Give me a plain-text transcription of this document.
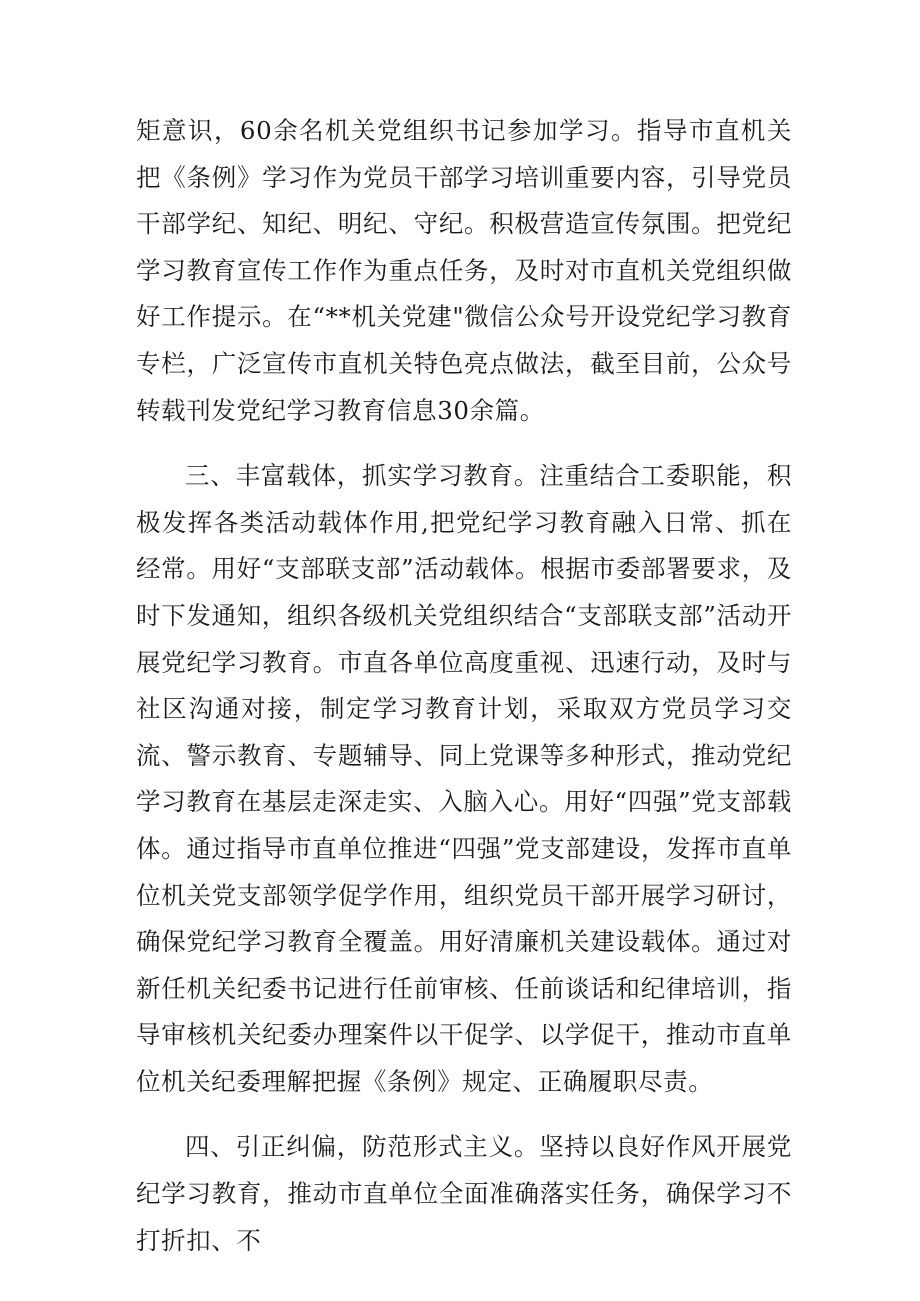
矩意识，60余名机关党组织书记参加学习。指导市直机关把《条例》学习作为党员干部学习培训重要内容，引导党员干部学纪、知纪、明纪、守纪。积极营造宣传氛围。把党纪学习教育宣传工作作为重点任务，及时对市直机关党组织做好工作提示。在“**机关党建"微信公众号开设党纪学习教育专栏，广泛宣传市直机关特色亮点做法，截至目前，公众号转载刊发党纪学习教育信息30余篇。

三、丰富载体，抓实学习教育。注重结合工委职能，积极发挥各类活动载体作用,把党纪学习教育融入日常、抓在经常。用好“支部联支部”活动载体。根据市委部署要求，及时下发通知，组织各级机关党组织结合“支部联支部”活动开展党纪学习教育。市直各单位高度重视、迅速行动，及时与社区沟通对接，制定学习教育计划，采取双方党员学习交流、警示教育、专题辅导、同上党课等多种形式，推动党纪学习教育在基层走深走实、入脑入心。用好“四强”党支部载体。通过指导市直单位推进“四强”党支部建设，发挥市直单位机关党支部领学促学作用，组织党员干部开展学习研讨，确保党纪学习教育全覆盖。用好清廉机关建设载体。通过对新任机关纪委书记进行任前审核、任前谈话和纪律培训，指导审核机关纪委办理案件以干促学、以学促干，推动市直单位机关纪委理解把握《条例》规定、正确履职尽责。

四、引正纠偏，防范形式主义。坚持以良好作风开展党纪学习教育，推动市直单位全面准确落实任务，确保学习不打折扣、不
